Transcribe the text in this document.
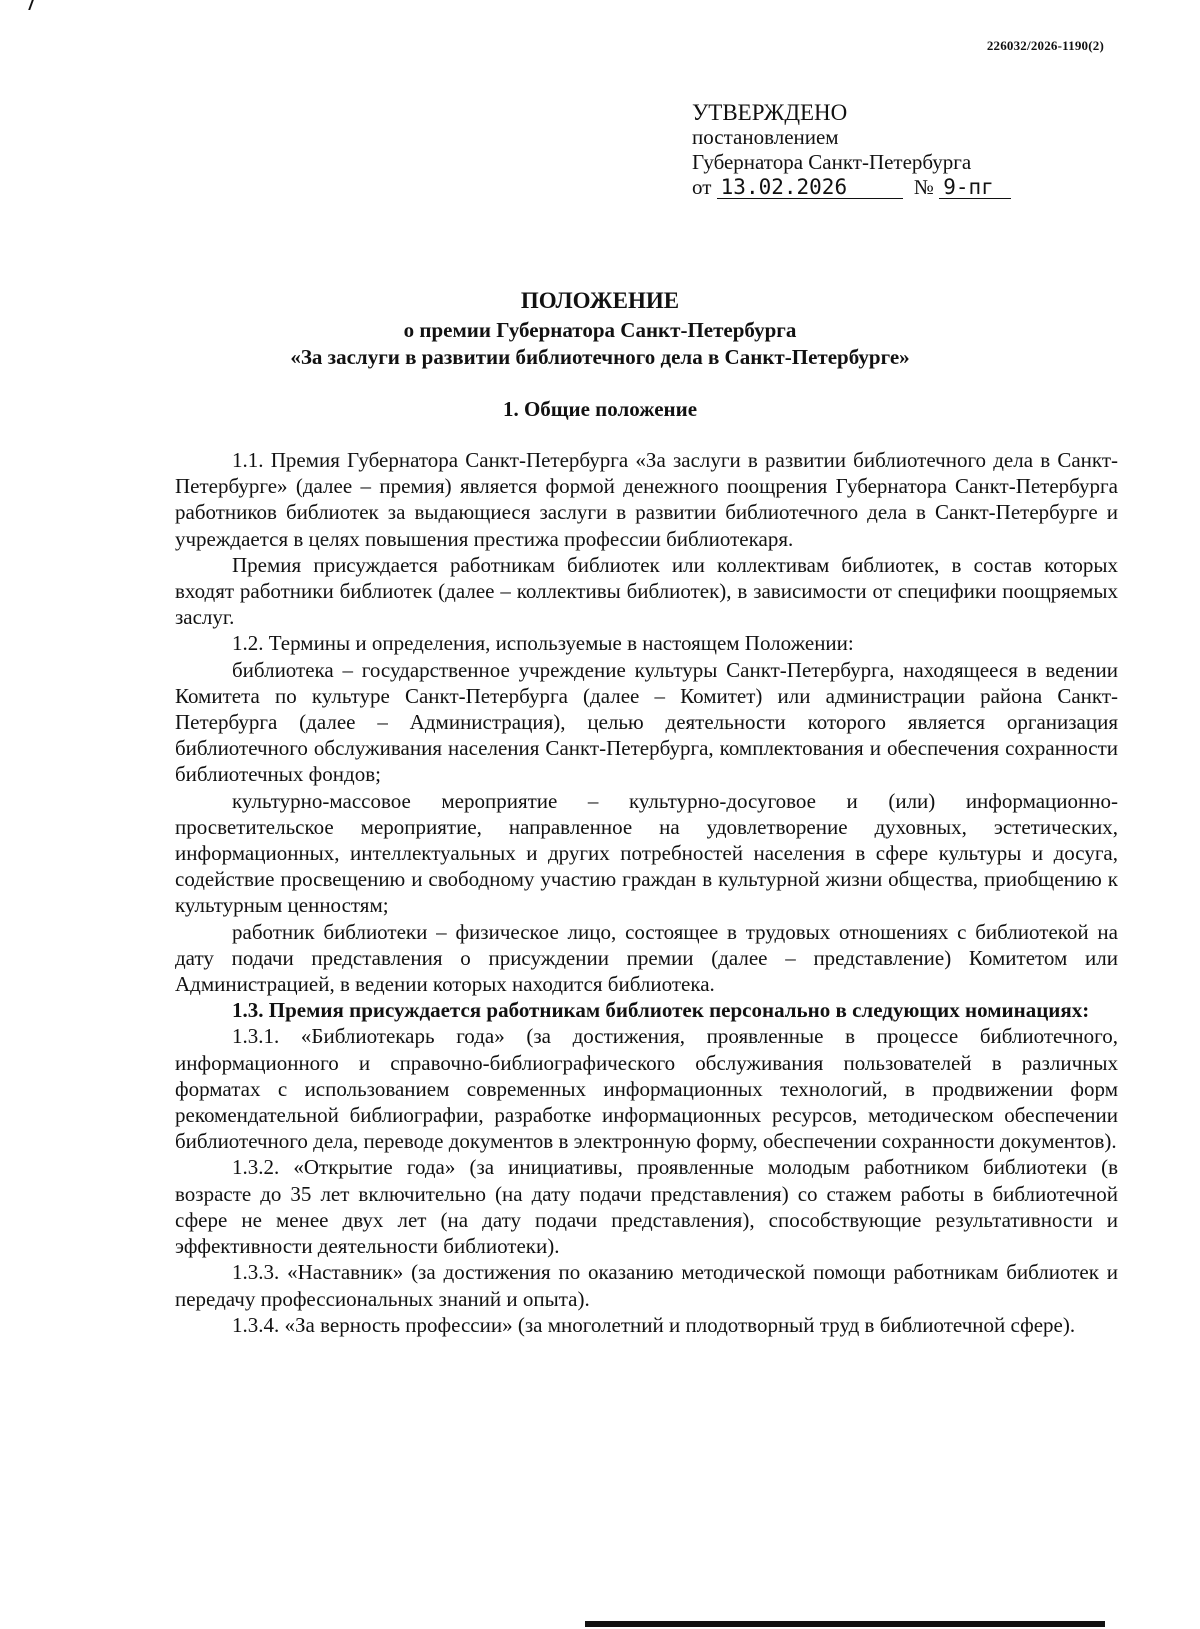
226032/2026-1190(2)
УТВЕРЖДЕНО
постановлением
Губернатора Санкт-Петербурга
от 13.02.2026	№ 9-пг
ПОЛОЖЕНИЕ
о премии Губернатора Санкт-Петербурга
«За заслуги в развитии библиотечного дела в Санкт-Петербурге»
1. Общие положение

1.1. Премия Губернатора Санкт-Петербурга «За заслуги в развитии библиотечного дела в Санкт-Петербурге» (далее – премия) является формой денежного поощрения Губернатора Санкт-Петербурга работников библиотек за выдающиеся заслуги в развитии библиотечного дела в Санкт-Петербурге и учреждается в целях повышения престижа профессии библиотекаря.

Премия присуждается работникам библиотек или коллективам библиотек, в состав которых входят работники библиотек (далее – коллективы библиотек), в зависимости от специфики поощряемых заслуг.

1.2. Термины и определения, используемые в настоящем Положении:

библиотека – государственное учреждение культуры Санкт-Петербурга, находящееся в ведении Комитета по культуре Санкт-Петербурга (далее – Комитет) или администрации района Санкт-Петербурга (далее – Администрация), целью деятельности которого является организация библиотечного обслуживания населения Санкт-Петербурга, комплектования и обеспечения сохранности библиотечных фондов;

культурно-массовое мероприятие – культурно-досуговое и (или) информационно-просветительское мероприятие, направленное на удовлетворение духовных, эстетических, информационных, интеллектуальных и других потребностей населения в сфере культуры и досуга, содействие просвещению и свободному участию граждан в культурной жизни общества, приобщению к культурным ценностям;

работник библиотеки – физическое лицо, состоящее в трудовых отношениях с библиотекой на дату подачи представления о присуждении премии (далее – представление) Комитетом или Администрацией, в ведении которых находится библиотека.

1.3. Премия присуждается работникам библиотек персонально в следующих номинациях:

1.3.1. «Библиотекарь года» (за достижения, проявленные в процессе библиотечного, информационного и справочно-библиографического обслуживания пользователей в различных форматах с использованием современных информационных технологий, в продвижении форм рекомендательной библиографии, разработке информационных ресурсов, методическом обеспечении библиотечного дела, переводе документов в электронную форму, обеспечении сохранности документов).

1.3.2. «Открытие года» (за инициативы, проявленные молодым работником библиотеки (в возрасте до 35 лет включительно (на дату подачи представления) со стажем работы в библиотечной сфере не менее двух лет (на дату подачи представления), способствующие результативности и эффективности деятельности библиотеки).

1.3.3. «Наставник» (за достижения по оказанию методической помощи работникам библиотек и передачу профессиональных знаний и опыта).

1.3.4. «За верность профессии» (за многолетний и плодотворный труд в библиотечной сфере).
